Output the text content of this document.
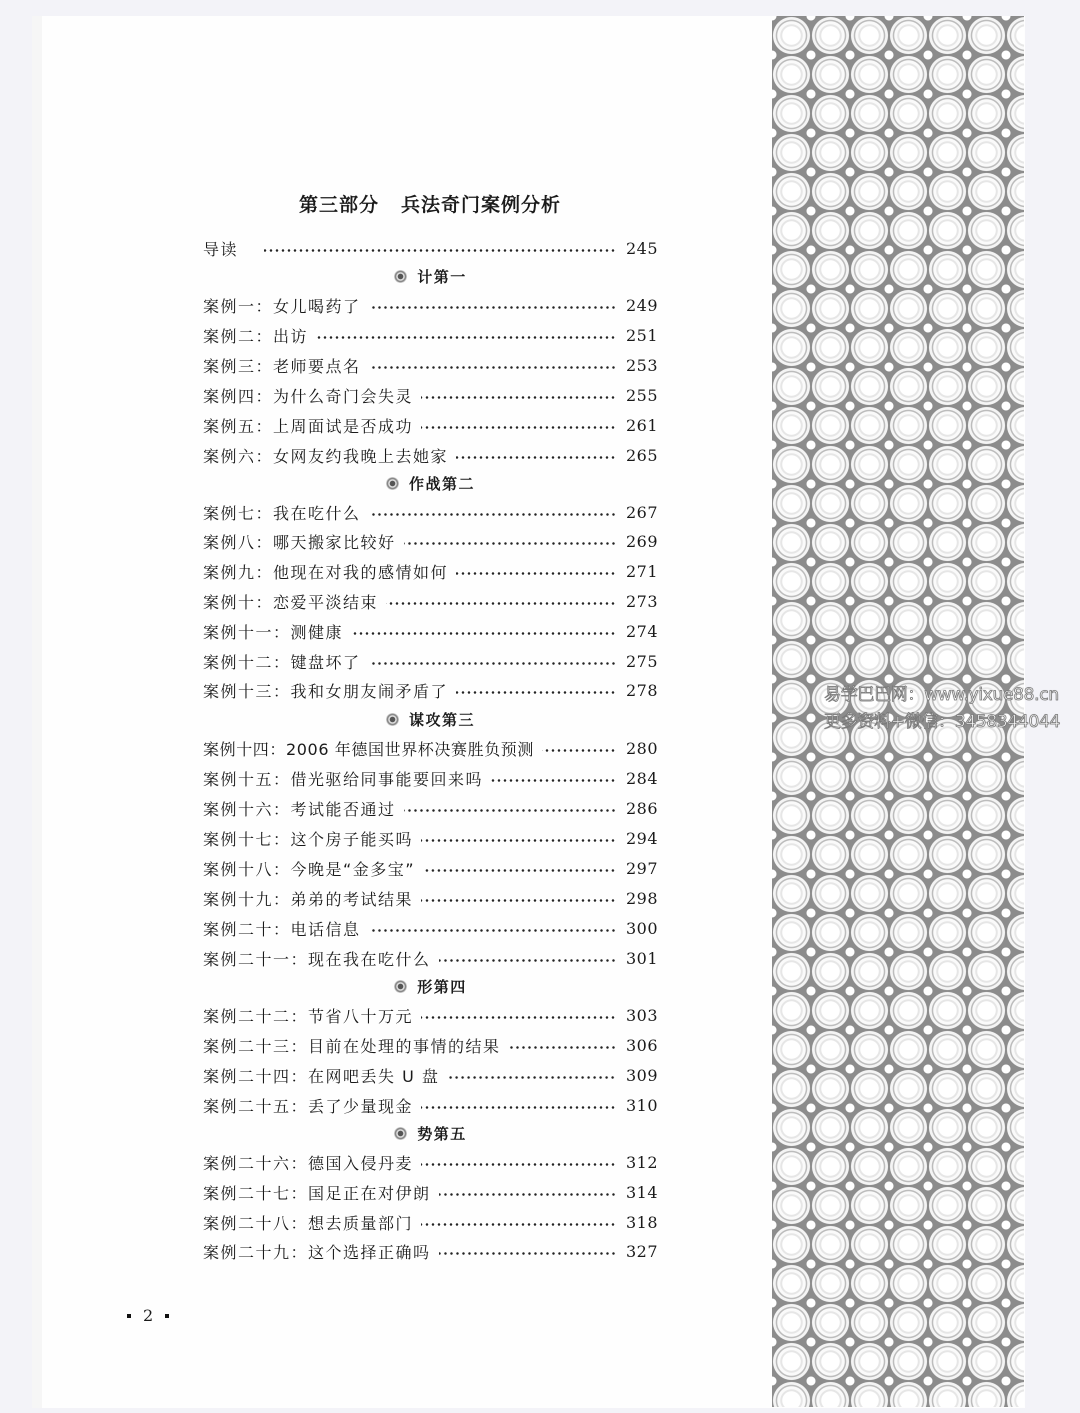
易学巴巴网：www.yixue88.cn
更多资料+微信：3458344044
第三部分 兵法奇门案例分析
导读	245
计第一
案例一：女儿喝药了	249
案例二：出访	251
案例三：老师要点名	253
案例四：为什么奇门会失灵	255
案例五：上周面试是否成功	261
案例六：女网友约我晚上去她家	265
作战第二
案例七：我在吃什么	267
案例八：哪天搬家比较好	269
案例九：他现在对我的感情如何	271
案例十：恋爱平淡结束	273
案例十一：测健康	274
案例十二：键盘坏了	275
案例十三：我和女朋友闹矛盾了	278
谋攻第三
案例十四：2006 年德国世界杯决赛胜负预测	280
案例十五：借光驱给同事能要回来吗	284
案例十六：考试能否通过	286
案例十七：这个房子能买吗	294
案例十八：今晚是“金多宝”	297
案例十九：弟弟的考试结果	298
案例二十：电话信息	300
案例二十一：现在我在吃什么	301
形第四
案例二十二：节省八十万元	303
案例二十三：目前在处理的事情的结果	306
案例二十四：在网吧丢失 U 盘	309
案例二十五：丢了少量现金	310
势第五
案例二十六：德国入侵丹麦	312
案例二十七：国足正在对伊朗	314
案例二十八：想去质量部门	318
案例二十九：这个选择正确吗	327
2
